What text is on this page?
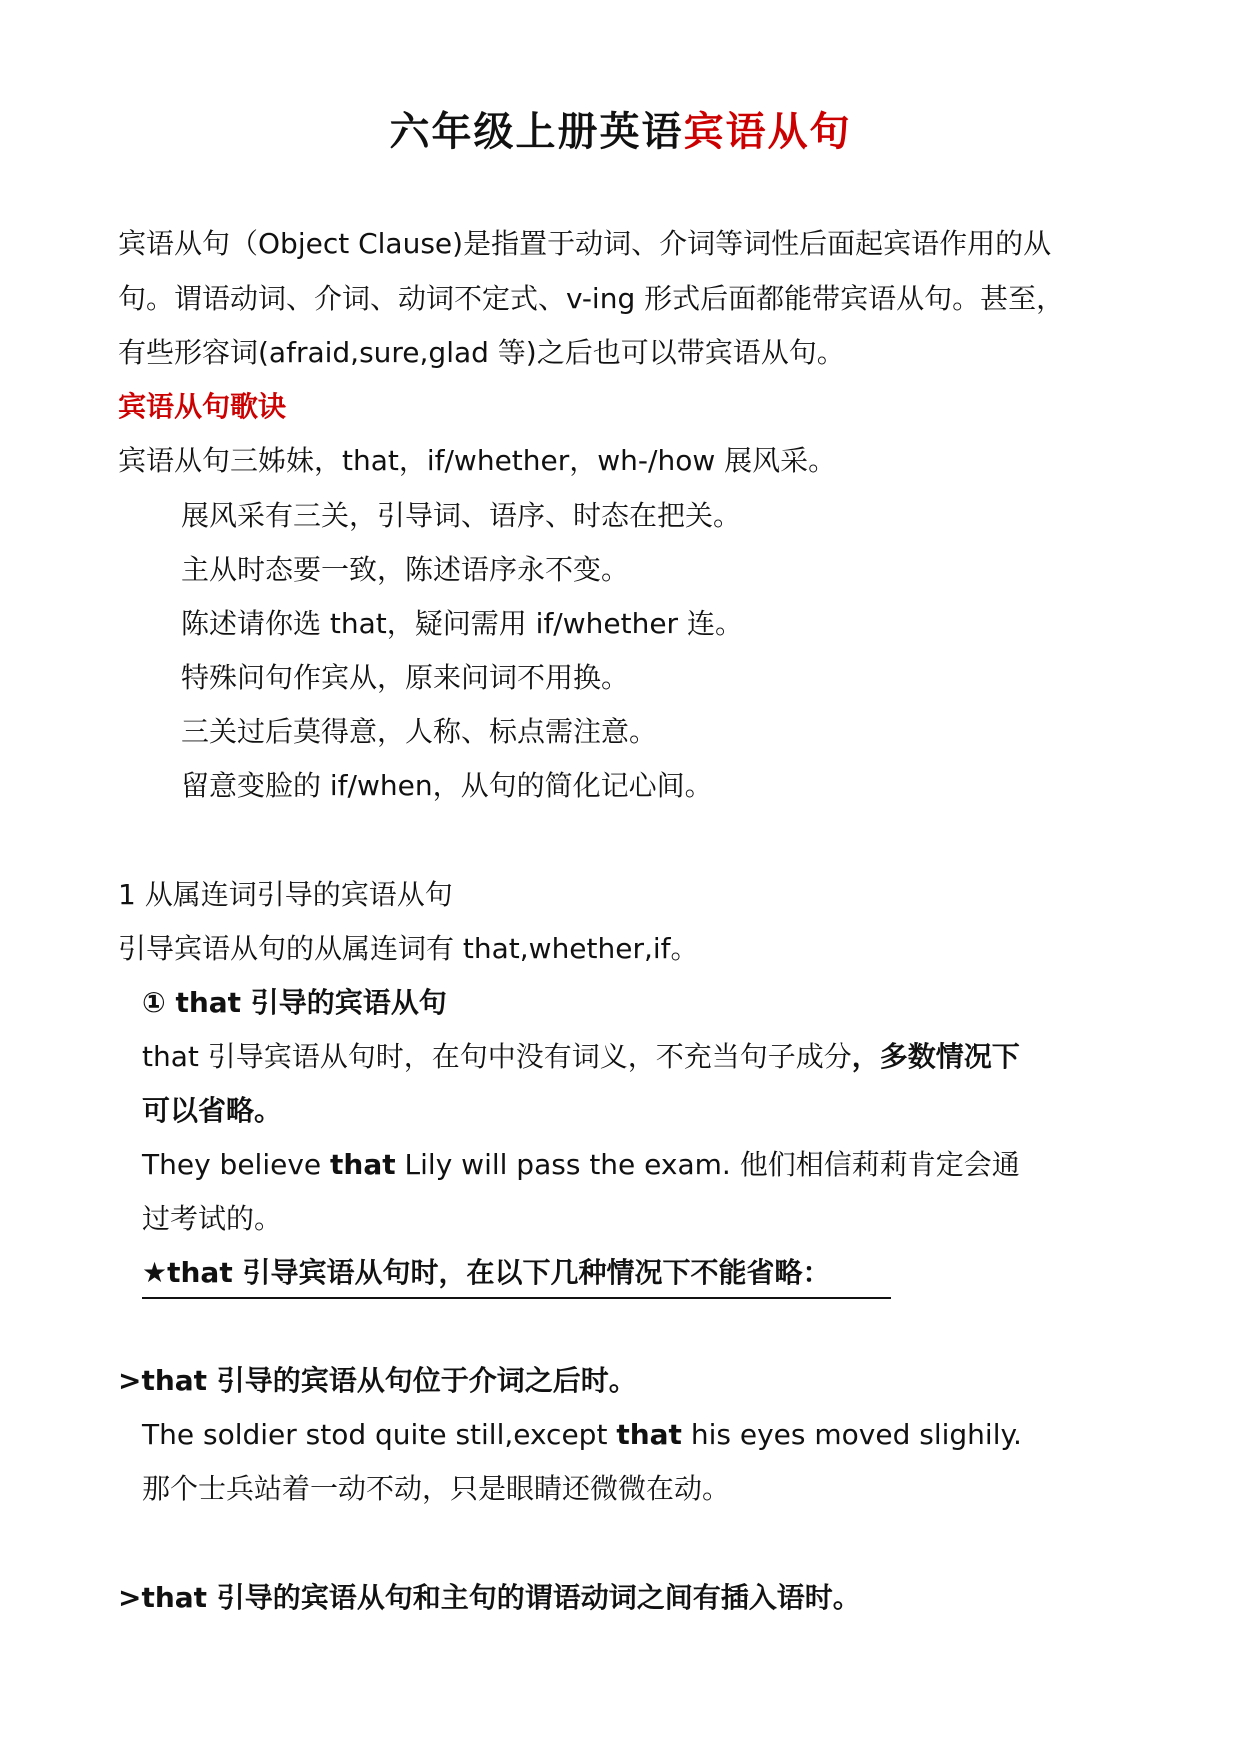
六年级上册英语宾语从句
宾语从句（Object Clause)是指置于动词、介词等词性后面起宾语作用的从
句。谓语动词、介词、动词不定式、v-ing 形式后面都能带宾语从句。甚至，
有些形容词(afraid,sure,glad 等)之后也可以带宾语从句。
宾语从句歌诀
宾语从句三姊妹，that，if/whether，wh-/how 展风采。
展风采有三关，引导词、语序、时态在把关。
主从时态要一致，陈述语序永不变。
陈述请你选 that，疑问需用 if/whether 连。
特殊问句作宾从，原来问词不用换。
三关过后莫得意，人称、标点需注意。
留意变脸的 if/when，从句的简化记心间。
1 从属连词引导的宾语从句
引导宾语从句的从属连词有 that,whether,if。
① that 引导的宾语从句
that 引导宾语从句时，在句中没有词义，不充当句子成分，多数情况下
可以省略。
They believe that Lily will pass the exam. 他们相信莉莉肯定会通
过考试的。
★that 引导宾语从句时，在以下几种情况下不能省略：
>that 引导的宾语从句位于介词之后时。
The soldier stod quite still,except that his eyes moved slighily.
那个士兵站着一动不动，只是眼睛还微微在动。
>that 引导的宾语从句和主句的谓语动词之间有插入语时。
